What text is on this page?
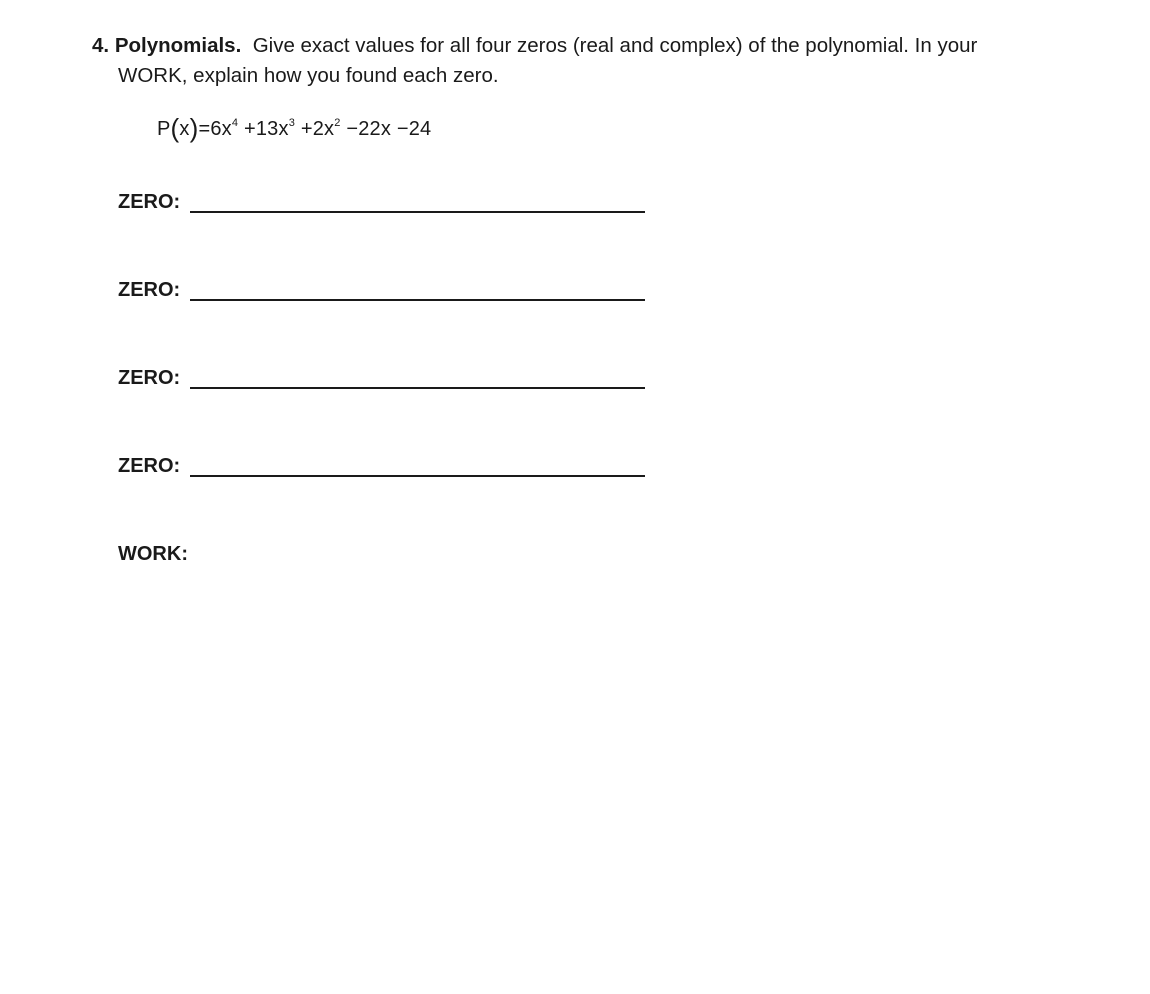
4. Polynomials. Give exact values for all four zeros (real and complex) of the polynomial. In your
WORK, explain how you found each zero.
$P(x)=6x^4 +13x^3 +2x^2 -22x -24$
ZERO:
ZERO:
ZERO:
ZERO:
WORK:
